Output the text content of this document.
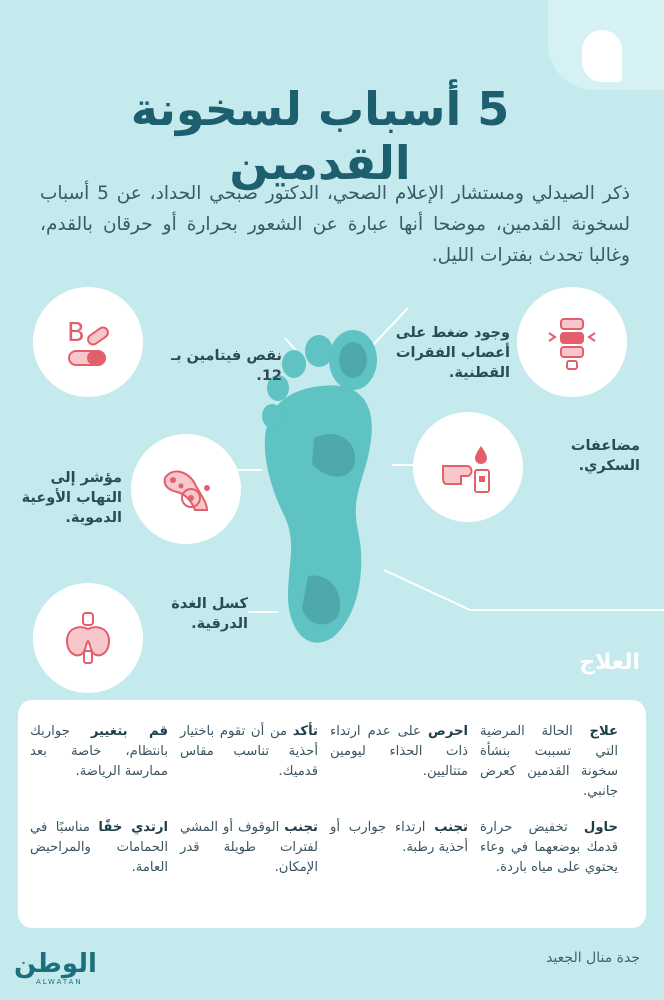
5 أسباب لسخونة القدمين

ذكر الصيدلي ومستشار الإعلام الصحي، الدكتور صبحي الحداد، عن 5 أسباب لسخونة القدمين، موضحا أنها عبارة عن الشعور بحرارة أو حرقان بالقدم، وغالبا تحدث بفترات الليل.

B
نقص فيتامين بـ 12.
مؤشر إلى التهاب الأوعية الدموية.
كسل الغدة الدرقية.
وجود ضغط على أعصاب الفقرات القطنية.
مضاعفات السكري.
العلاج
علاج الحالة المرضية التي تسببت بنشأة سخونة القدمين كعرض جانبي.
احرص على عدم ارتداء ذات الحذاء ليومين متتاليين.
تأكد من أن تقوم باختيار أحذية تناسب مقاس قدميك.
قم بتغيير جواربك بانتظام، خاصة بعد ممارسة الرياضة.
حاول تخفيض حرارة قدمك بوضعهما في وعاء يحتوي على مياه باردة.
تجنب ارتداء جوارب أو أحذية رطبة.
تجنب الوقوف أو المشي لفترات طويلة قدر الإمكان.
ارتدي خفًا مناسبًا في الحمامات والمراحيض العامة.
جدة منال الجعيد
الوطن
ALWATAN
